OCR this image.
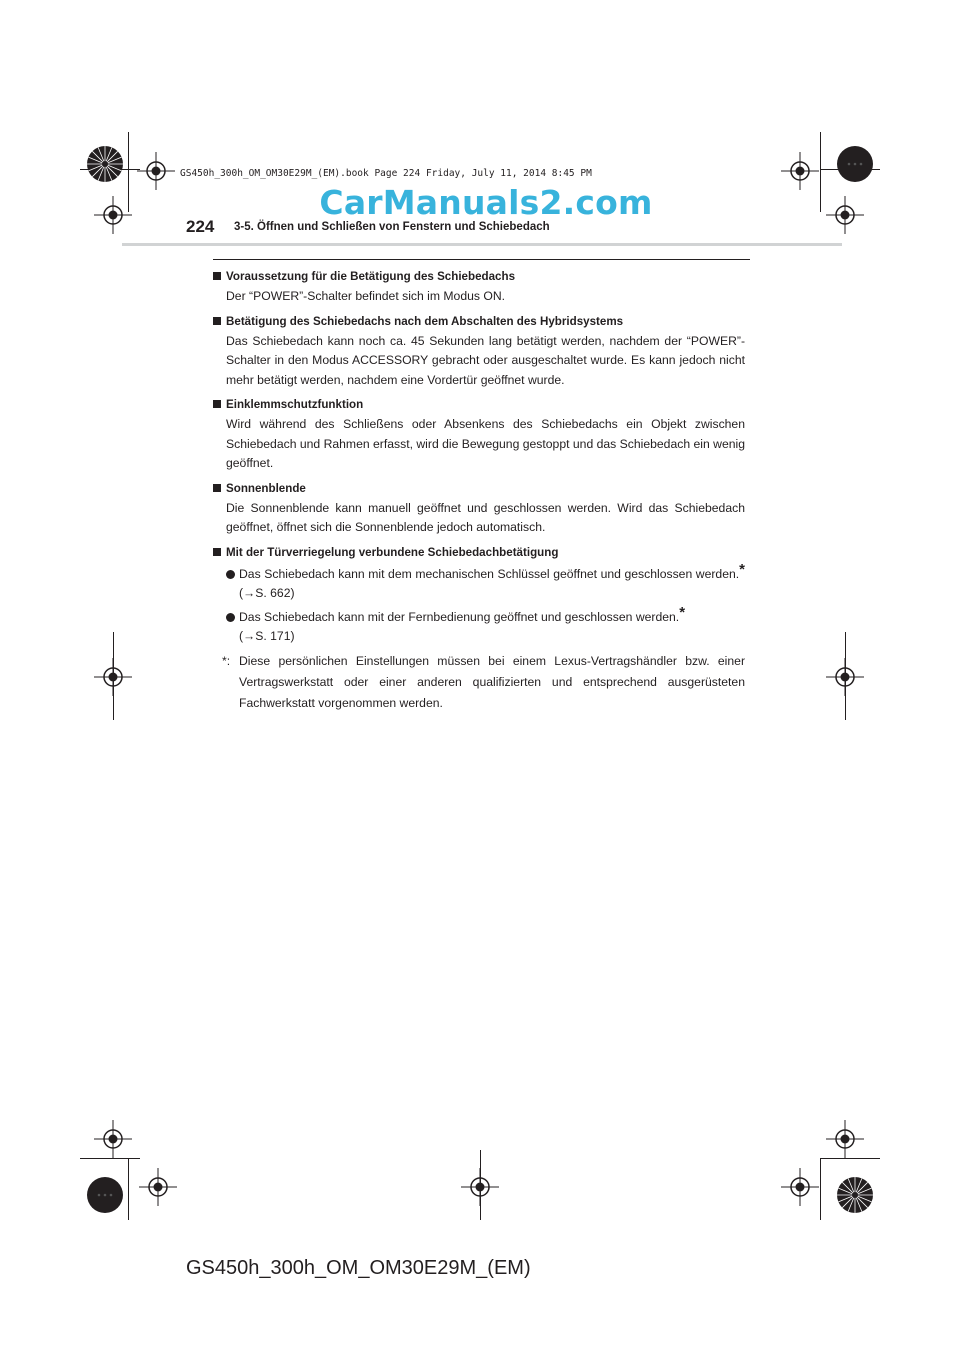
GS450h_300h_OM_OM30E29M_(EM).book Page 224 Friday, July 11, 2014 8:45 PM
CarManuals2.com
224 3-5. Öffnen und Schließen von Fenstern und Schiebedach
Voraussetzung für die Betätigung des Schiebedachs
Der “POWER”-Schalter befindet sich im Modus ON.
Betätigung des Schiebedachs nach dem Abschalten des Hybridsystems
Das Schiebedach kann noch ca. 45 Sekunden lang betätigt werden, nachdem der “POWER”-Schalter in den Modus ACCESSORY gebracht oder ausgeschaltet wurde. Es kann jedoch nicht mehr betätigt werden, nachdem eine Vordertür geöffnet wurde.
Einklemmschutzfunktion
Wird während des Schließens oder Absenkens des Schiebedachs ein Objekt zwischen Schiebedach und Rahmen erfasst, wird die Bewegung gestoppt und das Schiebedach ein wenig geöffnet.
Sonnenblende
Die Sonnenblende kann manuell geöffnet und geschlossen werden. Wird das Schiebedach geöffnet, öffnet sich die Sonnenblende jedoch automatisch.
Mit der Türverriegelung verbundene Schiebedachbetätigung
Das Schiebedach kann mit dem mechanischen Schlüssel geöffnet und geschlossen werden.* (→S. 662)
Das Schiebedach kann mit der Fernbedienung geöffnet und geschlossen werden.*
(→S. 171)
*: Diese persönlichen Einstellungen müssen bei einem Lexus-Vertragshändler bzw. einer Vertragswerkstatt oder einer anderen qualifizierten und entsprechend ausgerüsteten Fachwerkstatt vorgenommen werden.
GS450h_300h_OM_OM30E29M_(EM)
